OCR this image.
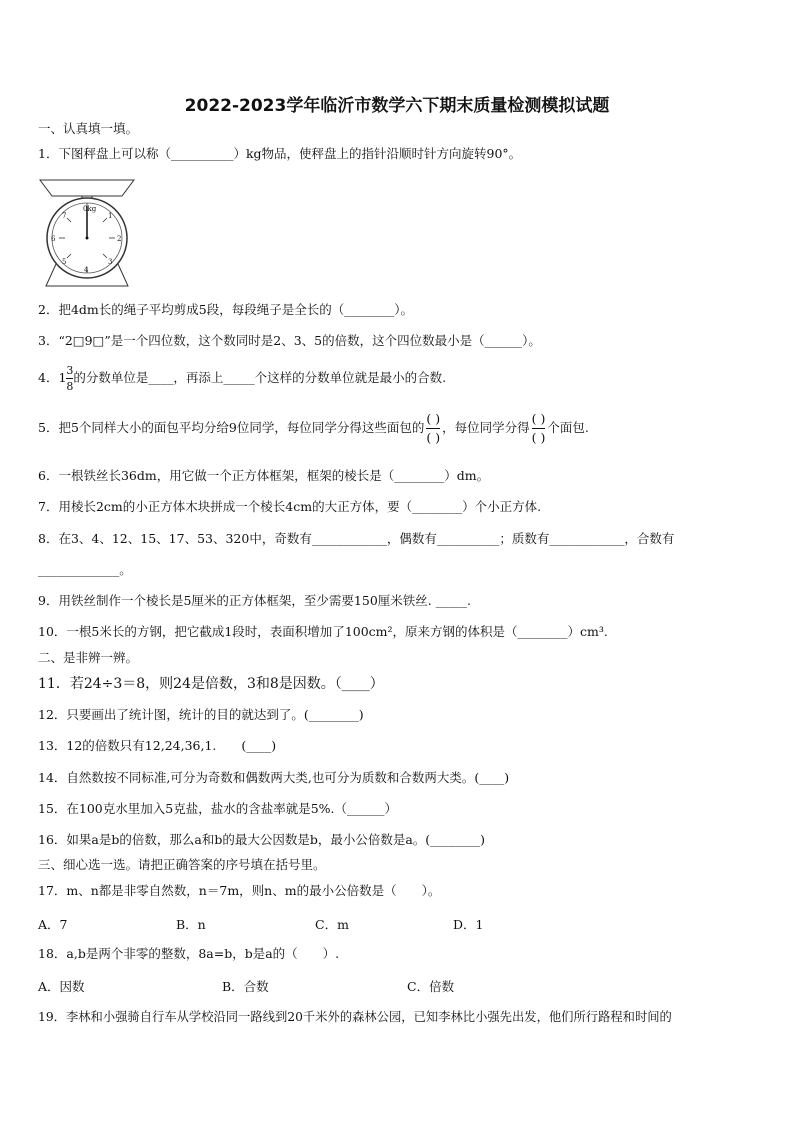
2022-2023学年临沂市数学六下期末质量检测模拟试题
一、认真填一填。
1．下图秤盘上可以称（__________）kg物品，使秤盘上的指针沿顺时针方向旋转90°。
0kg
7	1
6	2
5	3
4
2．把4dm长的绳子平均剪成5段，每段绳子是全长的（________）。
3．“2□9□”是一个四位数，这个数同时是2、3、5的倍数，这个四位数最小是（______）。
4．$1\frac{3}{8}$的分数单位是____，再添上_____个这样的分数单位就是最小的合数.
5．把5个同样大小的面包平均分给9位同学，每位同学分得这些面包的( )
( )，每位同学分得( )
( )个面包.
6．一根铁丝长36dm，用它做一个正方体框架，框架的棱长是（________）dm。
7．用棱长2cm的小正方体木块拼成一个棱长4cm的大正方体，要（________）个小正方体.
8．在3、4、12、15、17、53、320中，奇数有____________，偶数有__________；质数有____________，合数有
_____________。
9．用铁丝制作一个棱长是5厘米的正方体框架，至少需要150厘米铁丝. _____.
10．一根5米长的方钢，把它截成1段时，表面积增加了100cm²，原来方钢的体积是（________）cm³.
二、是非辨一辨。
11．若24÷3＝8，则24是倍数，3和8是因数。（____）
12．只要画出了统计图，统计的目的就达到了。(________)
13．12的倍数只有12,24,36,1.　　(____)
14．自然数按不同标准,可分为奇数和偶数两大类,也可分为质数和合数两大类。(____)
15．在100克水里加入5克盐，盐水的含盐率就是5%.（______）
16．如果a是b的倍数，那么a和b的最大公因数是b，最小公倍数是a。(________)
三、细心选一选。请把正确答案的序号填在括号里。
17．m、n都是非零自然数，n＝7m，则n、m的最小公倍数是（　　）。
A．7	B．n	C．m	D．1
18．a,b是两个非零的整数，8a=b，b是a的（　　）.
A．因数	B．合数	C．倍数
19．李林和小强骑自行车从学校沿同一路线到20千米外的森林公园，已知李林比小强先出发，他们所行路程和时间的
